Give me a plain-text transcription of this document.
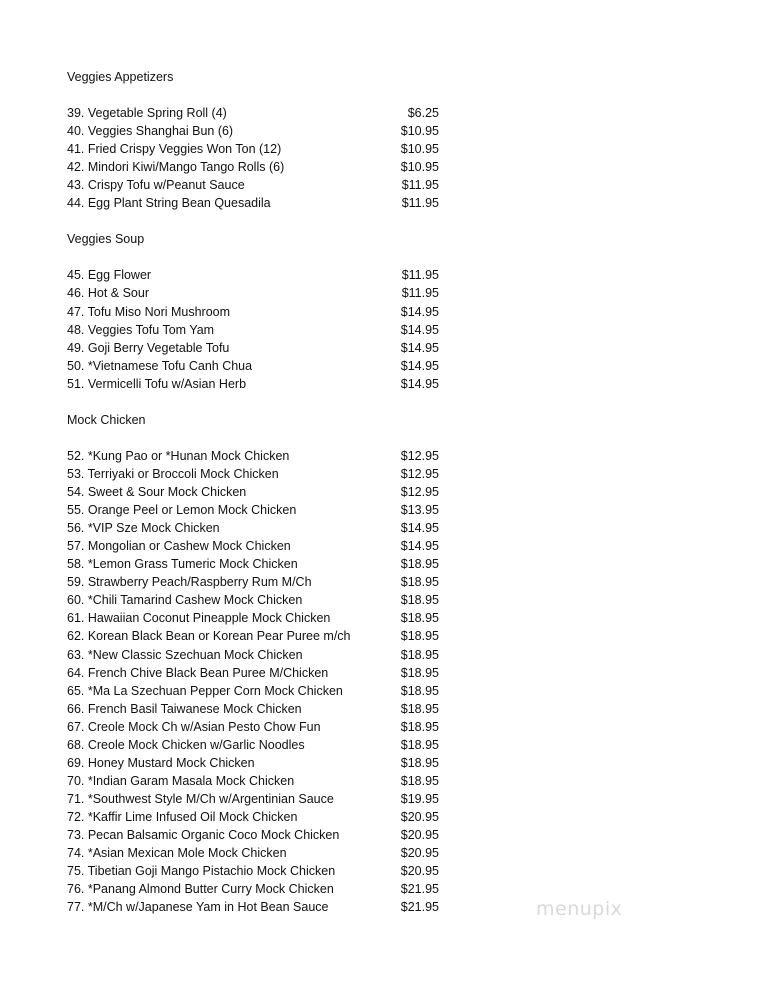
Veggies Appetizers
39. Vegetable Spring Roll (4)	$6.25
40. Veggies Shanghai Bun (6)	$10.95
41. Fried Crispy Veggies Won Ton (12)	$10.95
42. Mindori Kiwi/Mango Tango Rolls (6)	$10.95
43. Crispy Tofu w/Peanut Sauce	$11.95
44. Egg Plant String Bean Quesadila	$11.95
Veggies Soup
45. Egg Flower	$11.95
46. Hot & Sour	$11.95
47. Tofu Miso Nori Mushroom	$14.95
48. Veggies Tofu Tom Yam	$14.95
49. Goji Berry Vegetable Tofu	$14.95
50. *Vietnamese Tofu Canh Chua	$14.95
51. Vermicelli Tofu w/Asian Herb	$14.95
Mock Chicken
52. *Kung Pao or *Hunan Mock Chicken	$12.95
53. Terriyaki or Broccoli Mock Chicken	$12.95
54. Sweet & Sour Mock Chicken	$12.95
55. Orange Peel or Lemon Mock Chicken	$13.95
56. *VIP Sze Mock Chicken	$14.95
57. Mongolian or Cashew Mock Chicken	$14.95
58. *Lemon Grass Tumeric Mock Chicken	$18.95
59. Strawberry Peach/Raspberry Rum M/Ch	$18.95
60. *Chili Tamarind Cashew Mock Chicken	$18.95
61. Hawaiian Coconut Pineapple Mock Chicken	$18.95
62. Korean Black Bean or Korean Pear Puree m/ch	$18.95
63. *New Classic Szechuan Mock Chicken	$18.95
64. French Chive Black Bean Puree M/Chicken	$18.95
65. *Ma La Szechuan Pepper Corn Mock Chicken	$18.95
66. French Basil Taiwanese Mock Chicken	$18.95
67. Creole Mock Ch w/Asian Pesto Chow Fun	$18.95
68. Creole Mock Chicken w/Garlic Noodles	$18.95
69. Honey Mustard Mock Chicken	$18.95
70. *Indian Garam Masala Mock Chicken	$18.95
71. *Southwest Style M/Ch w/Argentinian Sauce	$19.95
72. *Kaffir Lime Infused Oil Mock Chicken	$20.95
73. Pecan Balsamic Organic Coco Mock Chicken	$20.95
74. *Asian Mexican Mole Mock Chicken	$20.95
75. Tibetian Goji Mango Pistachio Mock Chicken	$20.95
76. *Panang Almond Butter Curry Mock Chicken	$21.95
77. *M/Ch w/Japanese Yam in Hot Bean Sauce	$21.95	menupix
